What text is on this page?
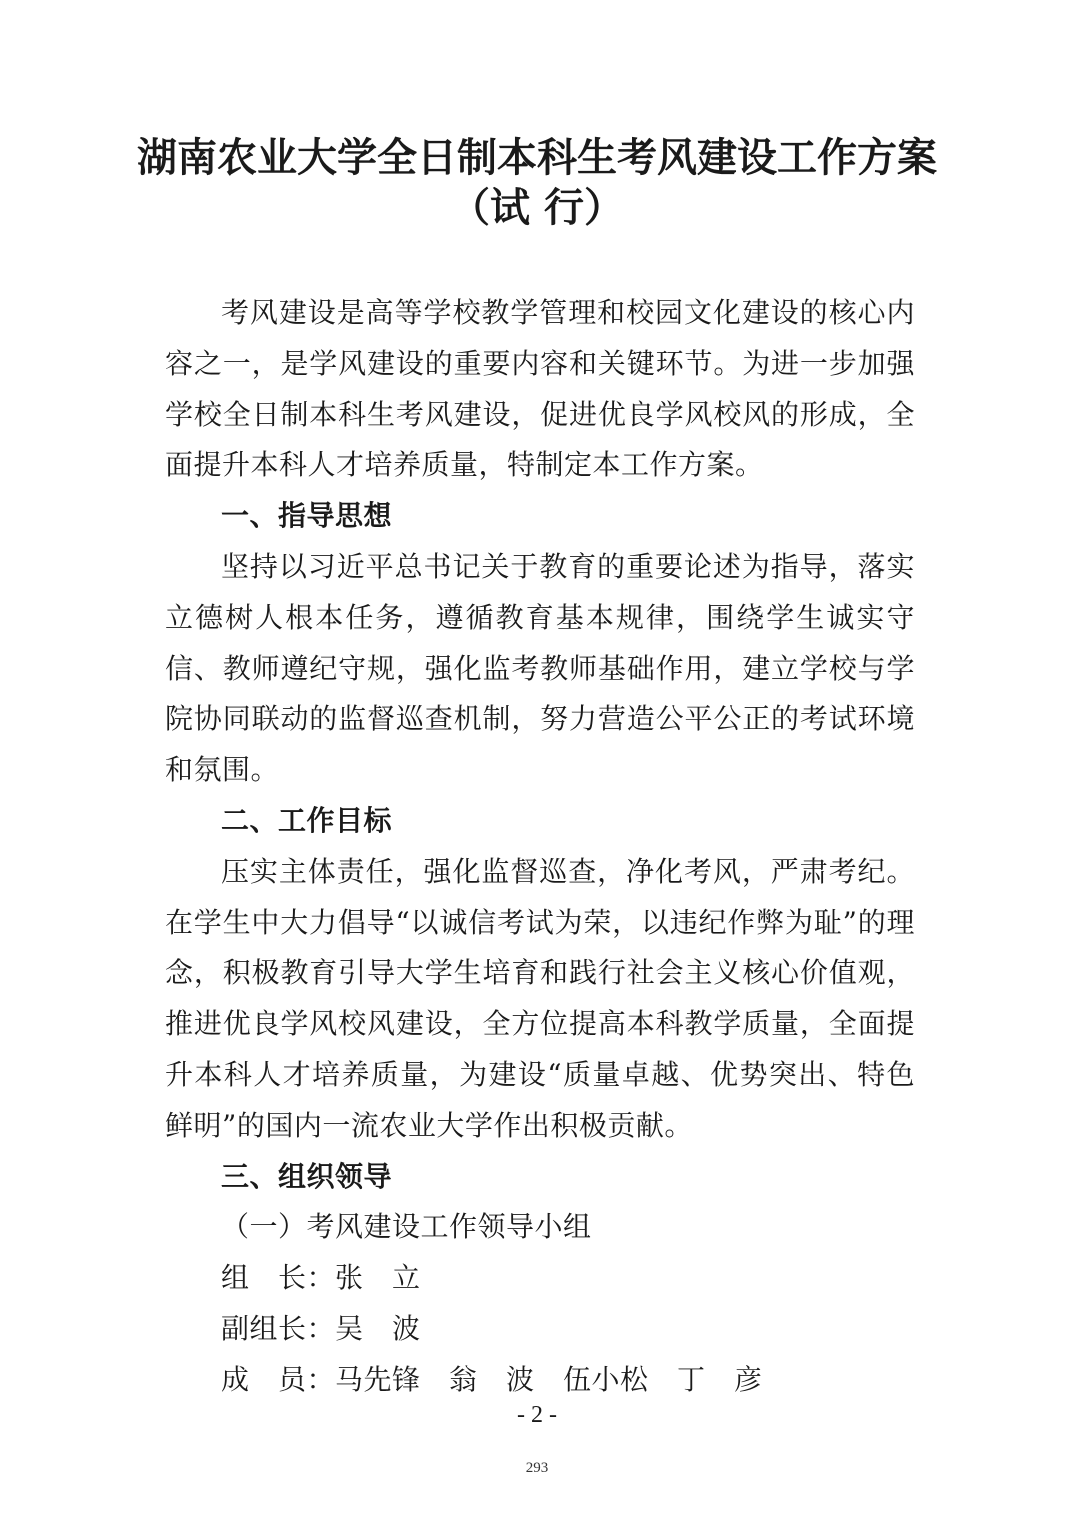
湖南农业大学全日制本科生考风建设工作方案
（试 行）

考风建设是高等学校教学管理和校园文化建设的核心内容之一，是学风建设的重要内容和关键环节。为进一步加强学校全日制本科生考风建设，促进优良学风校风的形成，全面提升本科人才培养质量，特制定本工作方案。

一、指导思想

坚持以习近平总书记关于教育的重要论述为指导，落实立德树人根本任务，遵循教育基本规律，围绕学生诚实守信、教师遵纪守规，强化监考教师基础作用，建立学校与学院协同联动的监督巡查机制，努力营造公平公正的考试环境和氛围。

二、工作目标

压实主体责任，强化监督巡查，净化考风，严肃考纪。在学生中大力倡导“以诚信考试为荣，以违纪作弊为耻”的理念，积极教育引导大学生培育和践行社会主义核心价值观，推进优良学风校风建设，全方位提高本科教学质量，全面提升本科人才培养质量，为建设“质量卓越、优势突出、特色鲜明”的国内一流农业大学作出积极贡献。

三、组织领导

（一）考风建设工作领导小组

组　长：张　立

副组长：吴　波

成　员：马先锋　翁　波　伍小松　丁　彦

- 2 -
293
